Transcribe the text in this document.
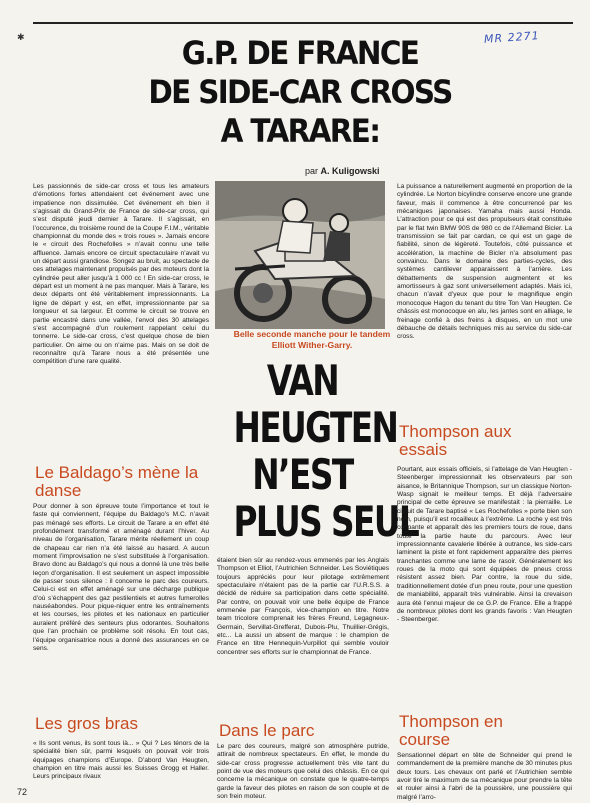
✱	MR 2271
G.P. DE FRANCE
DE SIDE-CAR CROSS
A TARARE:
par A. Kuligowski

Les passionnés de side-car cross et tous les amateurs d’émotions fortes attendaient cet événement avec une impatience non dissimulée. Cet événement eh bien il s’agissait du Grand-Prix de France de side-car cross, qui s’est disputé jeudi dernier à Tarare. Il s’agissait, en l’occurence, du troisième round de la Coupe F.I.M., véritable championnat du monde des « trois roues ». Jamais encore le « circuit des Rochefolles » n’avait connu une telle affluence. Jamais encore ce circuit spectaculaire n’avait vu un départ aussi grandiose. Songez au bruit, au spectacle de ces attelages maintenant propulsés par des moteurs dont la cylindrée peut aller jusqu’à 1 000 cc ! En side-car cross, le départ est un moment à ne pas manquer. Mais à Tarare, les deux départs ont été véritablement impressionnants. La ligne de départ y est, en effet, impressionnante par sa longueur et sa largeur. Et comme le circuit se trouve en partie encastré dans une vallée, l’envol des 30 attelages s’est accompagné d’un roulement rappelant celui du tonnerre. Le side-car cross, c’est quelque chose de bien particulier. On aime ou on n’aime pas. Mais on se doit de reconnaître qu’à Tarare nous a été présentée une compétition d’une rare qualité.

Le Baldago’s mène la danse

Pour donner à son épreuve toute l’importance et tout le faste qui conviennent, l’équipe du Baldago’s M.C. n’avait pas ménagé ses efforts. Le circuit de Tarare a en effet été profondément transformé et aménagé durant l’hiver. Au niveau de l’organisation, Tarare mérite réellement un coup de chapeau car rien n’a été laissé au hasard. A aucun moment l’improvisation ne s’est substituée à l’organisation. Bravo donc au Baldago’s qui nous a donné là une très belle leçon d’organisation. Il est seulement un aspect impossible de passer sous silence : il concerne le parc des coureurs. Celui-ci est en effet aménagé sur une décharge publique d’où s’échappent des gaz pestilentiels et autres fumerolles nauséabondes. Pour pique-niquer entre les entraînements et les courses, les pilotes et les nationaux en particulier auraient préféré des senteurs plus odorantes. Souhaitons que l’an prochain ce problème soit résolu. En tout cas, l’équipe organisatrice nous a donné des assurances en ce sens.

Les gros bras

« Ils sont venus, ils sont tous là... » Qui ? Les ténors de la spécialité bien sûr, parmi lesquels on pouvait voir trois équipages champions d’Europe. D’abord Van Heugten, champion en titre mais aussi les Suisses Grogg et Haller. Leurs principaux rivaux

Belle seconde manche pour le tandem Elliott Wither-Garry.
VAN
HEUGTEN
N’EST
PLUS SEUL

étaient bien sûr au rendez-vous emmenés par les Anglais Thompson et Elliot, l’Autrichien Schneider. Les Soviétiques toujours appréciés pour leur pilotage extrêmement spectaculaire n’étaient pas de la partie car l’U.R.S.S. a décidé de réduire sa participation dans cette spécialité. Par contre, on pouvait voir une belle équipe de France emmenée par François, vice-champion en titre. Notre team tricolore comprenait les frères Freund, Legagneux-Germain, Servillat-Grefferat, Dubois-Plu, Thuillier-Grégis, etc... La aussi un absent de marque : le champion de France en titre Hennequin-Vurpillot qui semble vouloir concentrer ses efforts sur le championnat de France.

Dans le parc

Le parc des coureurs, malgré son atmosphère putride, attirait de nombreux spectateurs. En effet, le monde du side-car cross progresse actuellement très vite tant du point de vue des moteurs que celui des châssis. En ce qui concerne la mécanique on constate que le quatre-temps garde la faveur des pilotes en raison de son couple et de son frein moteur.

La puissance a naturellement augmenté en proportion de la cylindrée. Le Norton bicylindre conserve encore une grande faveur, mais il commence à être concurrencé par les mécaniques japonaises. Yamaha mais aussi Honda. L’attraction pour ce qui est des propulseurs était constituée par le flat twin BMW 90S de 980 cc de l’Allemand Bicler. La transmission se fait par cardan, ce qui est un gage de fiabilité, sinon de légèreté. Toutefois, côté puissance et accélération, la machine de Bicler n’a absolument pas convaincu. Dans le domaine des parties-cycles, des systèmes cantilever apparaissent à l’arrière. Les débattements de suspension augmentent et les amortisseurs à gaz sont universellement adaptés. Mais ici, chacun n’avait d’yeux que pour le magnifique engin monocoque Hagon du tenant du titre Ton Van Heugten. Ce châssis est monocoque en alu, les jantes sont en alliage, le freinage confié à des freins à disques, en un mot une débauche de détails techniques mis au service du side-car cross.

Thompson aux essais

Pourtant, aux essais officiels, si l’attelage de Van Heugten - Steenberger impressionnait les observateurs par son aisance, le Britannique Thompson, sur un classique Norton-Wasp signait le meilleur temps. Et déjà l’adversaire principal de cette épreuve se manifestait : la pierraille. Le circuit de Tarare baptisé « Les Rochefolles » porte bien son nom, puisqu’il est rocailleux à l’extrême. La roche y est très coupante et apparaît dès les premiers tours de roue, dans toute la partie haute du parcours. Avec leur impressionnante cavalerie libérée à outrance, les side-cars laminent la piste et font rapidement apparaître des pierres tranchantes comme une lame de rasoir. Généralement les roues de la moto qui sont équipées de pneus cross résistent assez bien. Par contre, la roue du side, traditionnellement dotée d’un pneu route, pour une question de maniabilité, apparaît très vulnérable. Ainsi la crevaison aura été l’ennui majeur de ce G.P. de France. Elle a frappé de nombreux pilotes dont les grands favoris : Van Heugten - Steenberger.

Thompson en course

Sensationnel départ en tête de Schneider qui prend le commandement de la première manche de 30 minutes plus deux tours. Les chevaux ont parlé et l’Autrichien semble avoir tiré le maximum de sa mécanique pour prendre la tête et rouler ainsi à l’abri de la poussière, une poussière qui malgré l’arro-

72
